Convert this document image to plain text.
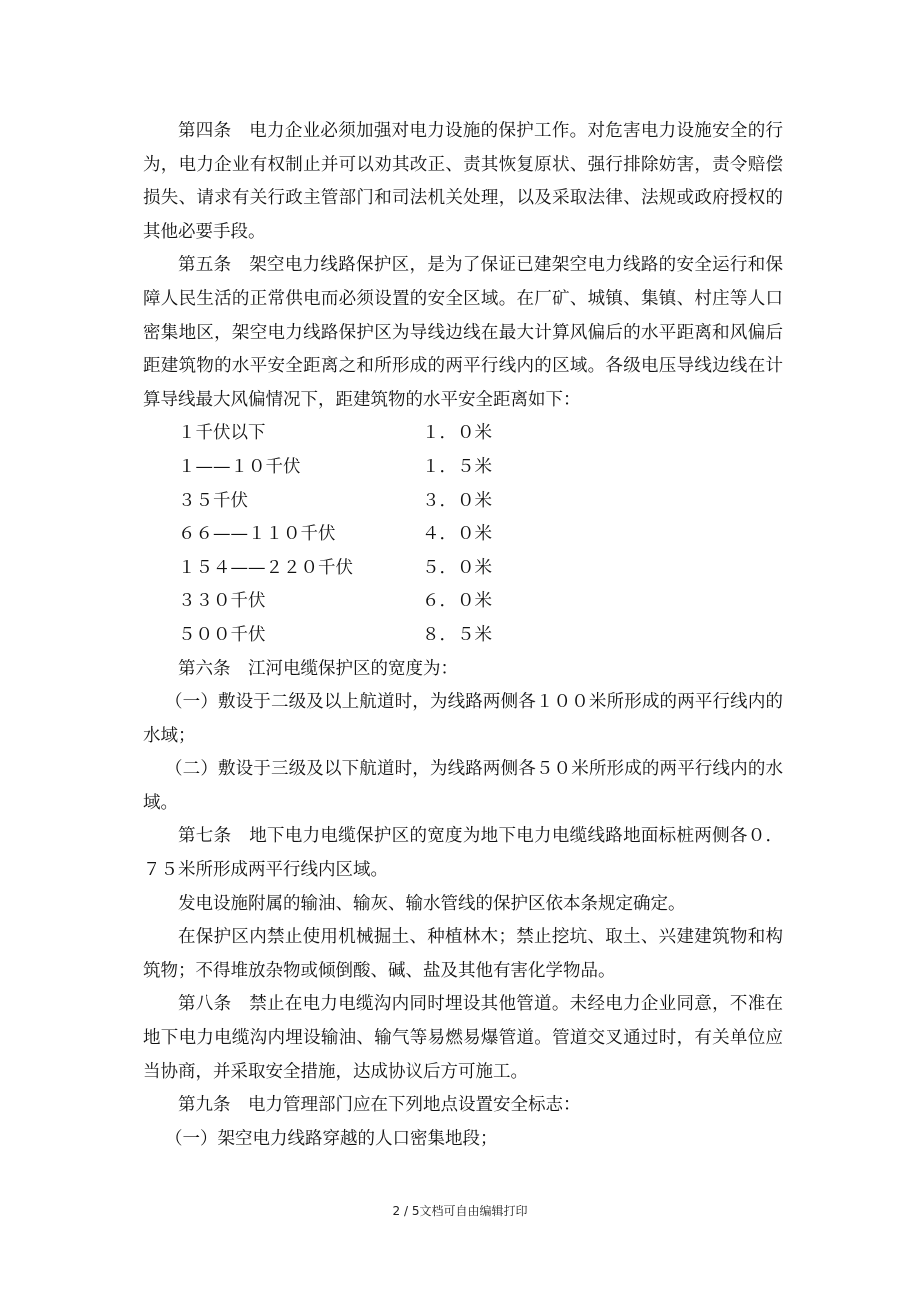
第四条　电力企业必须加强对电力设施的保护工作。对危害电力设施安全的行为，电力企业有权制止并可以劝其改正、责其恢复原状、强行排除妨害，责令赔偿损失、请求有关行政主管部门和司法机关处理，以及采取法律、法规或政府授权的其他必要手段。

第五条　架空电力线路保护区，是为了保证已建架空电力线路的安全运行和保障人民生活的正常供电而必须设置的安全区域。在厂矿、城镇、集镇、村庄等人口密集地区，架空电力线路保护区为导线边线在最大计算风偏后的水平距离和风偏后距建筑物的水平安全距离之和所形成的两平行线内的区域。各级电压导线边线在计算导线最大风偏情况下，距建筑物的水平安全距离如下：

１千伏以下	１．０米
１——１０千伏	１．５米
３５千伏	３．０米
６６——１１０千伏	４．０米
１５４——２２０千伏	５．０米
３３０千伏	６．０米
５００千伏	８．５米

第六条　江河电缆保护区的宽度为：

（一）敷设于二级及以上航道时，为线路两侧各１００米所形成的两平行线内的水域；

（二）敷设于三级及以下航道时，为线路两侧各５０米所形成的两平行线内的水域。

第七条　地下电力电缆保护区的宽度为地下电力电缆线路地面标桩两侧各０．７５米所形成两平行线内区域。

发电设施附属的输油、输灰、输水管线的保护区依本条规定确定。

在保护区内禁止使用机械掘土、种植林木；禁止挖坑、取土、兴建建筑物和构筑物；不得堆放杂物或倾倒酸、碱、盐及其他有害化学物品。

第八条　禁止在电力电缆沟内同时埋设其他管道。未经电力企业同意，不准在地下电力电缆沟内埋设输油、输气等易燃易爆管道。管道交叉通过时，有关单位应当协商，并采取安全措施，达成协议后方可施工。

第九条　电力管理部门应在下列地点设置安全标志：

（一）架空电力线路穿越的人口密集地段；

2 / 5文档可自由编辑打印
